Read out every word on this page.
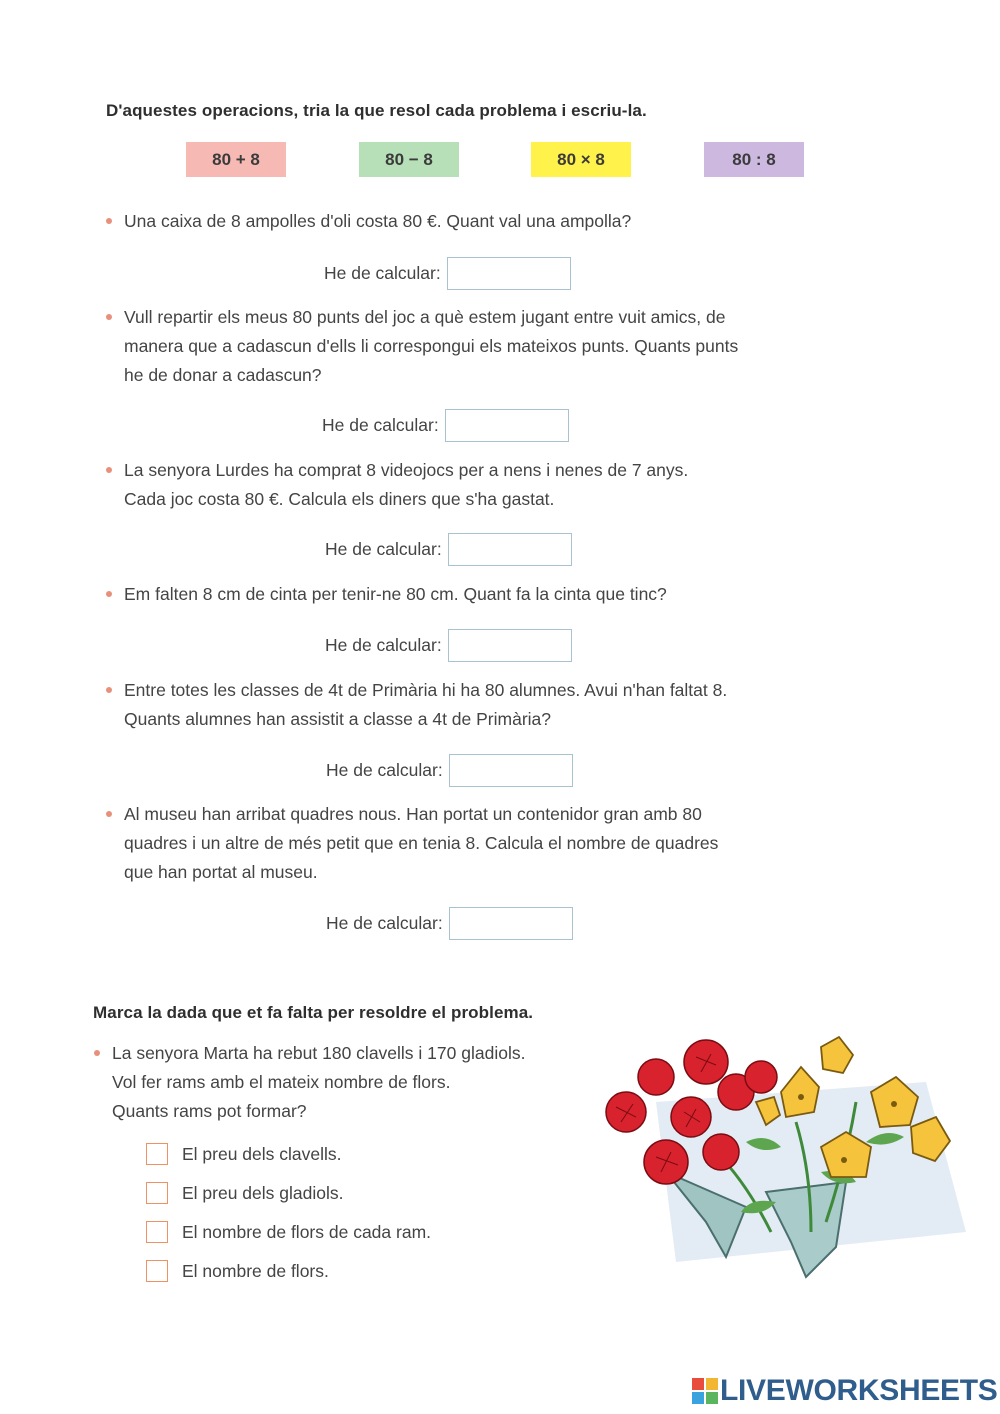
D'aquestes operacions, tria la que resol cada problema i escriu-la.
80 + 8	80 − 8	80 × 8	80 : 8
Una caixa de 8 ampolles d'oli costa 80 €. Quant val una ampolla?
He de calcular:
Vull repartir els meus 80 punts del joc a què estem jugant entre vuit amics, de
manera que a cadascun d'ells li correspongui els mateixos punts. Quants punts
he de donar a cadascun?
He de calcular:
La senyora Lurdes ha comprat 8 videojocs per a nens i nenes de 7 anys.
Cada joc costa 80 €. Calcula els diners que s'ha gastat.
He de calcular:
Em falten 8 cm de cinta per tenir-ne 80 cm. Quant fa la cinta que tinc?
He de calcular:
Entre totes les classes de 4t de Primària hi ha 80 alumnes. Avui n'han faltat 8.
Quants alumnes han assistit a classe a 4t de Primària?
He de calcular:
Al museu han arribat quadres nous. Han portat un contenidor gran amb 80
quadres i un altre de més petit que en tenia 8. Calcula el nombre de quadres
que han portat al museu.
He de calcular:
Marca la dada que et fa falta per resoldre el problema.
La senyora Marta ha rebut 180 clavells i 170 gladiols.
Vol fer rams amb el mateix nombre de flors.
Quants rams pot formar?
El preu dels clavells.
El preu dels gladiols.
El nombre de flors de cada ram.
El nombre de flors.
LIVEWORKSHEETS
